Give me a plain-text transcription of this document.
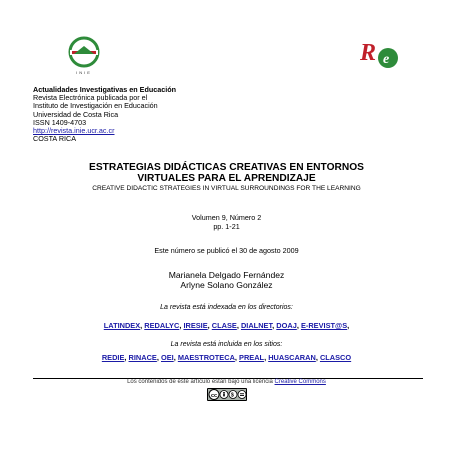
INIE
R e
Actualidades Investigativas en Educación
Revista Electrónica publicada por el
Instituto de Investigación en Educación
Universidad de Costa Rica
ISSN 1409-4703
http://revista.inie.ucr.ac.cr
COSTA RICA
ESTRATEGIAS DIDÁCTICAS CREATIVAS EN ENTORNOS
VIRTUALES PARA EL APRENDIZAJE
CREATIVE DIDACTIC STRATEGIES IN VIRTUAL SURROUNDINGS FOR THE LEARNING
Volumen 9, Número 2
pp. 1-21
Este número se publicó el 30 de agosto 2009
Marianela Delgado Fernández
Arlyne Solano González
La revista está indexada en los directorios:
LATINDEX, REDALYC, IRESIE, CLASE, DIALNET, DOAJ, E-REVIST@S,
La revista está incluida en los sitios:
REDIE, RINACE, OEI, MAESTROTECA, PREAL, HUASCARAN, CLASCO
Los contenidos de este artículo están bajo una licencia Creative Commons
cc	$
